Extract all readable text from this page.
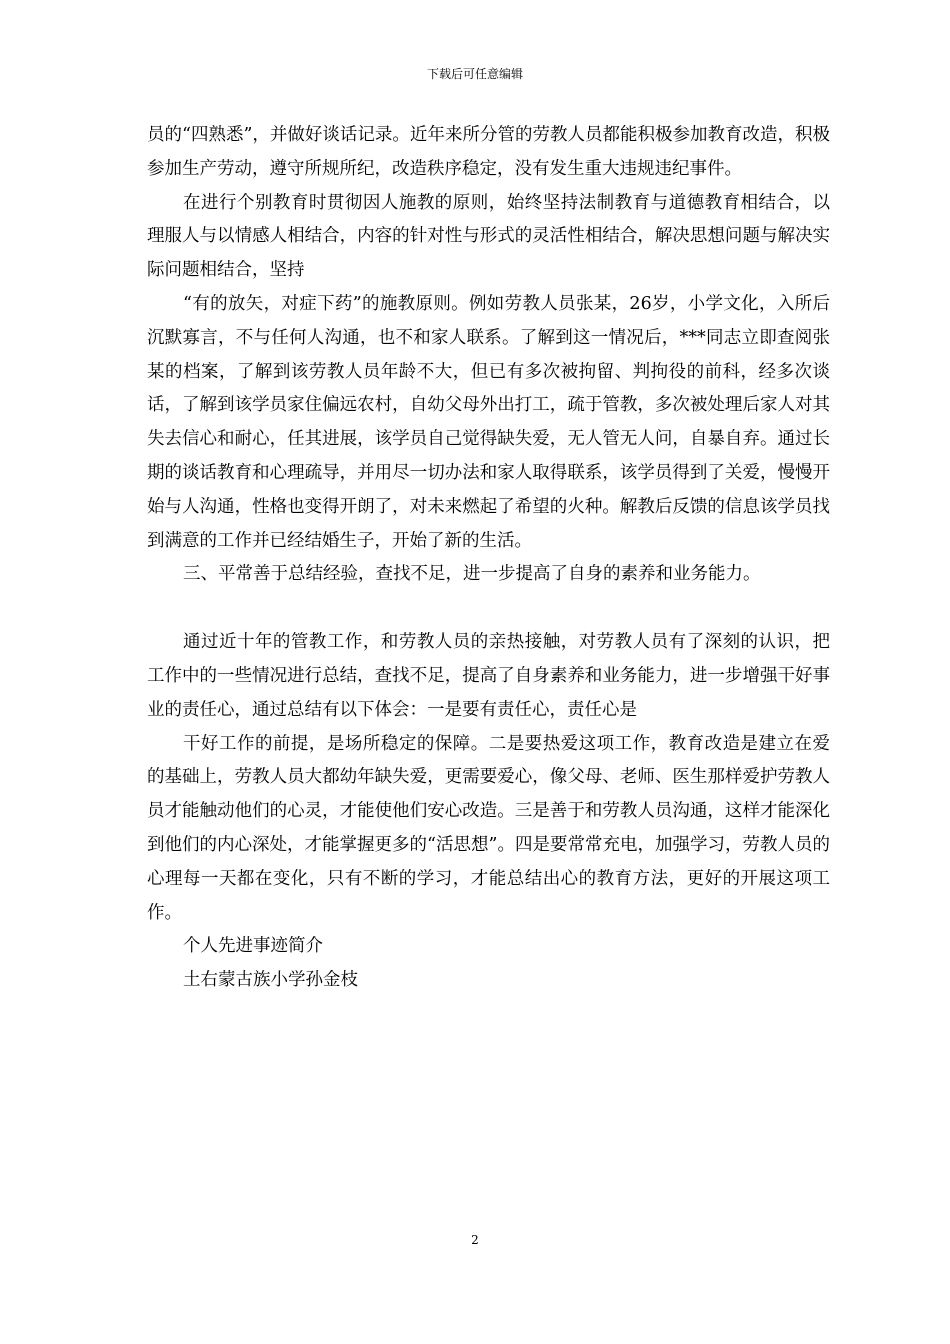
下载后可任意编辑

员的“四熟悉”，并做好谈话记录。近年来所分管的劳教人员都能积极参加教育改造，积极参加生产劳动，遵守所规所纪，改造秩序稳定，没有发生重大违规违纪事件。

在进行个别教育时贯彻因人施教的原则，始终坚持法制教育与道德教育相结合，以理服人与以情感人相结合，内容的针对性与形式的灵活性相结合，解决思想问题与解决实际问题相结合，坚持

“有的放矢，对症下药”的施教原则。例如劳教人员张某，26岁，小学文化，入所后沉默寡言，不与任何人沟通，也不和家人联系。了解到这一情况后，***同志立即查阅张某的档案，了解到该劳教人员年龄不大，但已有多次被拘留、判拘役的前科，经多次谈话，了解到该学员家住偏远农村，自幼父母外出打工，疏于管教，多次被处理后家人对其失去信心和耐心，任其进展，该学员自己觉得缺失爱，无人管无人问，自暴自弃。通过长期的谈话教育和心理疏导，并用尽一切办法和家人取得联系，该学员得到了关爱，慢慢开始与人沟通，性格也变得开朗了，对未来燃起了希望的火种。解教后反馈的信息该学员找到满意的工作并已经结婚生子，开始了新的生活。

三、平常善于总结经验，查找不足，进一步提高了自身的素养和业务能力。

通过近十年的管教工作，和劳教人员的亲热接触，对劳教人员有了深刻的认识，把工作中的一些情况进行总结，查找不足，提高了自身素养和业务能力，进一步增强干好事业的责任心，通过总结有以下体会：一是要有责任心，责任心是

干好工作的前提，是场所稳定的保障。二是要热爱这项工作，教育改造是建立在爱的基础上，劳教人员大都幼年缺失爱，更需要爱心，像父母、老师、医生那样爱护劳教人员才能触动他们的心灵，才能使他们安心改造。三是善于和劳教人员沟通，这样才能深化到他们的内心深处，才能掌握更多的“活思想”。四是要常常充电，加强学习，劳教人员的心理每一天都在变化，只有不断的学习，才能总结出心的教育方法，更好的开展这项工作。

个人先进事迹简介

土右蒙古族小学孙金枝

2
